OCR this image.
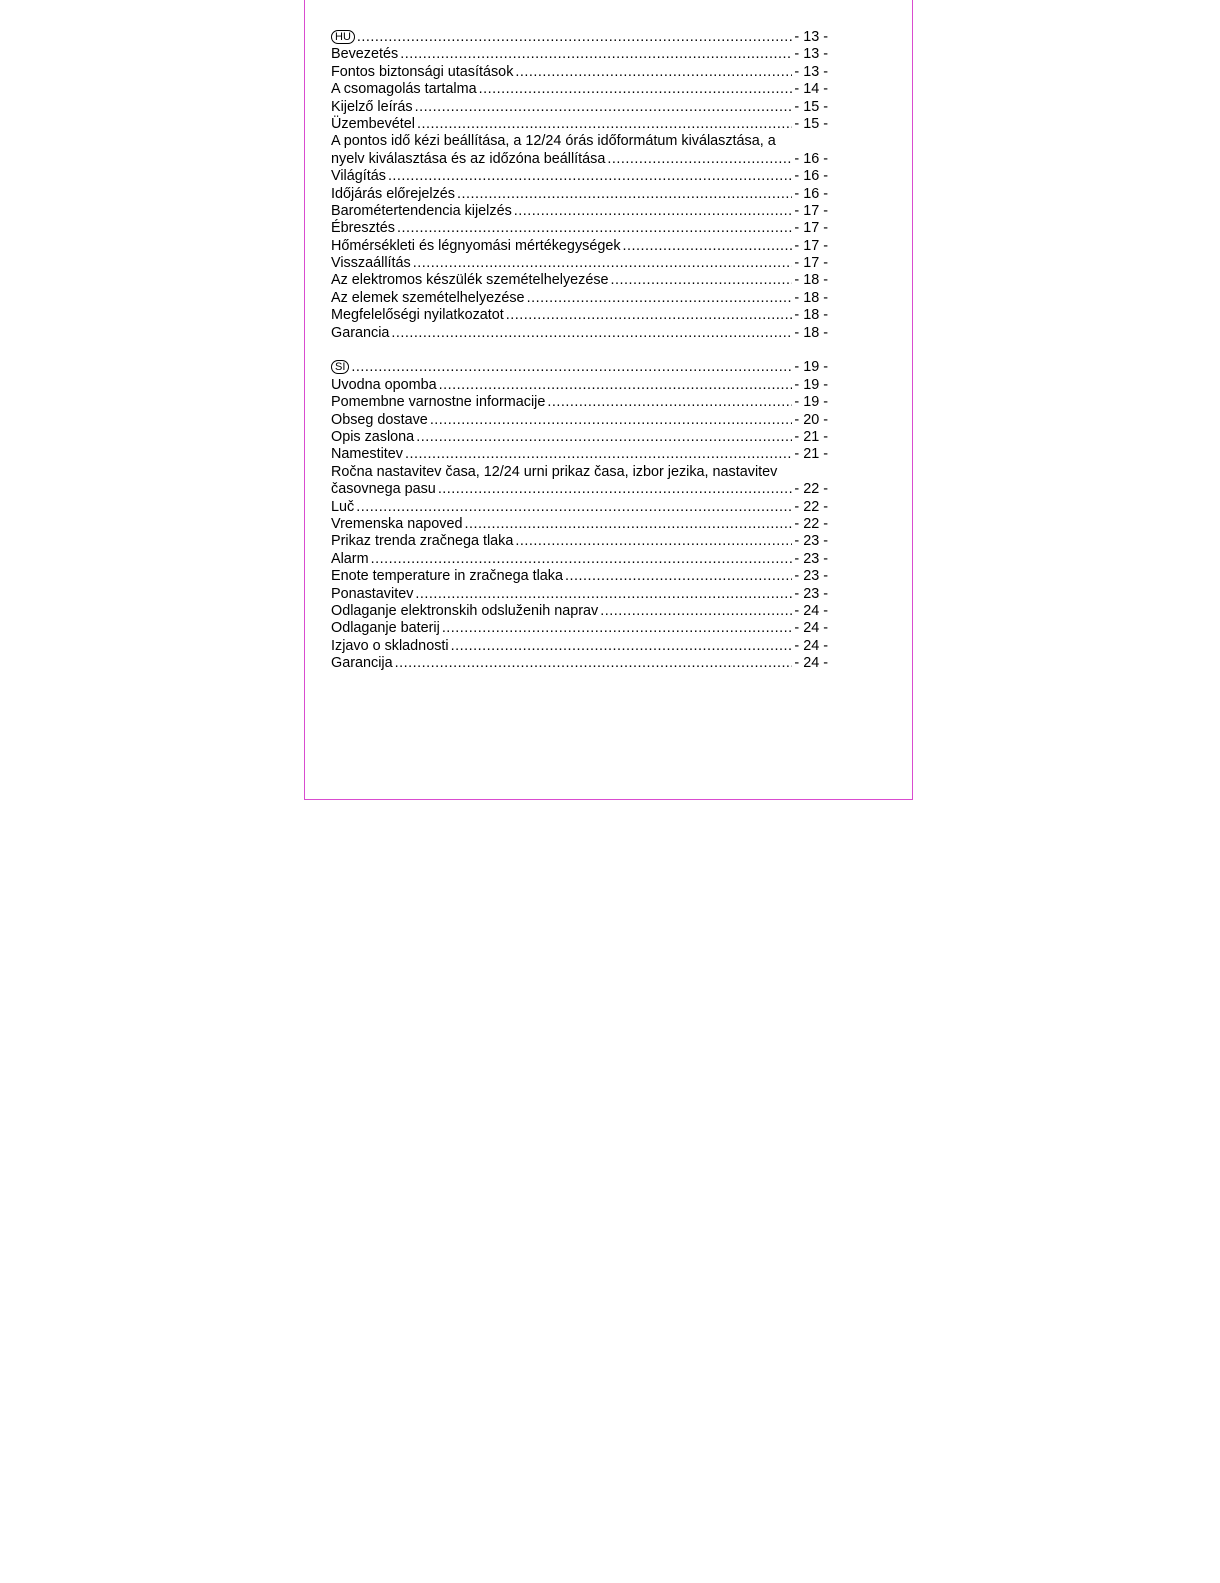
HU .....	- 13 -
Bevezetés .....	- 13 -
Fontos biztonsági utasítások .....	- 13 -
A csomagolás tartalma .....	- 14 -
Kijelző leírás .....	- 15 -
Üzembevétel .....	- 15 -
A pontos idő kézi beállítása, a 12/24 órás időformátum kiválasztása, a
nyelv kiválasztása és az időzóna beállítása .....	- 16 -
Világítás .....	- 16 -
Időjárás előrejelzés .....	- 16 -
Barométertendencia kijelzés .....	- 17 -
Ébresztés .....	- 17 -
Hőmérsékleti és légnyomási mértékegységek .....	- 17 -
Visszaállítás .....	- 17 -
Az elektromos készülék szemételhelyezése .....	- 18 -
Az elemek szemételhelyezése .....	- 18 -
Megfelelőségi nyilatkozatot .....	- 18 -
Garancia .....	- 18 -
SI .....	- 19 -
Uvodna opomba .....	- 19 -
Pomembne varnostne informacije .....	- 19 -
Obseg dostave .....	- 20 -
Opis zaslona .....	- 21 -
Namestitev .....	- 21 -
Ročna nastavitev časa, 12/24 urni prikaz časa, izbor jezika, nastavitev
časovnega pasu .....	- 22 -
Luč .....	- 22 -
Vremenska napoved .....	- 22 -
Prikaz trenda zračnega tlaka .....	- 23 -
Alarm .....	- 23 -
Enote temperature in zračnega tlaka .....	- 23 -
Ponastavitev .....	- 23 -
Odlaganje elektronskih odsluženih naprav .....	- 24 -
Odlaganje baterij .....	- 24 -
Izjavo o skladnosti .....	- 24 -
Garancija .....	- 24 -
